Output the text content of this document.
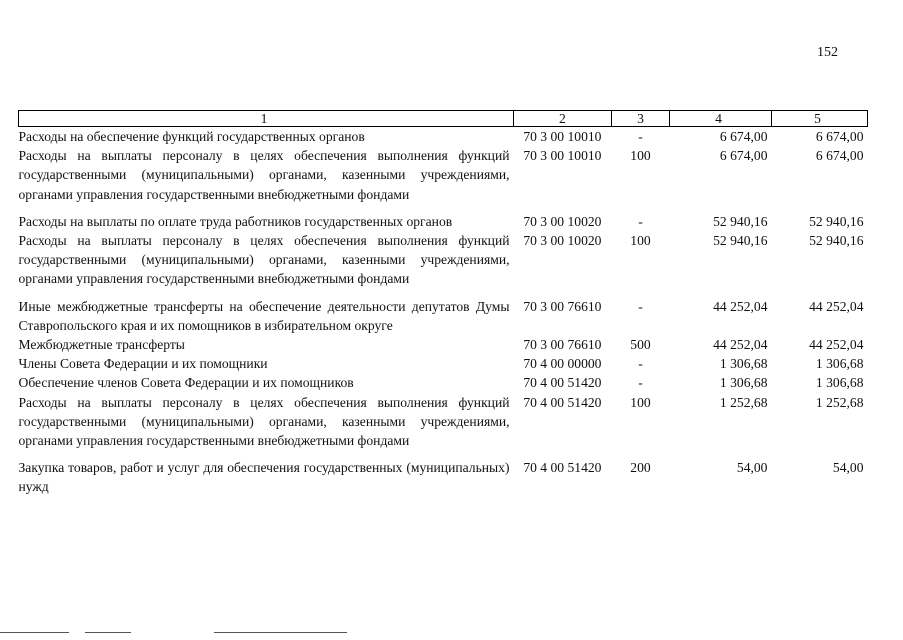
152
1	2	3	4	5
Расходы на обеспечение функций государственных органов	70 3 00 10010	-	6 674,00	6 674,00
Расходы на выплаты персоналу в целях обеспечения выполнения функций государственными (муниципальными) органами, казенными учреждениями, органами управления государственными внебюджетными фондами	70 3 00 10010	100	6 674,00	6 674,00
Расходы на выплаты по оплате труда работников государственных органов	70 3 00 10020	-	52 940,16	52 940,16
Расходы на выплаты персоналу в целях обеспечения выполнения функций государственными (муниципальными) органами, казенными учреждениями, органами управления государственными внебюджетными фондами	70 3 00 10020	100	52 940,16	52 940,16
Иные межбюджетные трансферты на обеспечение деятельности депутатов Думы Ставропольского края и их помощников в избирательном округе	70 3 00 76610	-	44 252,04	44 252,04
Межбюджетные трансферты	70 3 00 76610	500	44 252,04	44 252,04
Члены Совета Федерации и их помощники	70 4 00 00000	-	1 306,68	1 306,68
Обеспечение членов Совета Федерации и их помощников	70 4 00 51420	-	1 306,68	1 306,68
Расходы на выплаты персоналу в целях обеспечения выполнения функций государственными (муниципальными) органами, казенными учреждениями, органами управления государственными внебюджетными фондами	70 4 00 51420	100	1 252,68	1 252,68
Закупка товаров, работ и услуг для обеспечения государственных (муниципальных) нужд	70 4 00 51420	200	54,00	54,00
